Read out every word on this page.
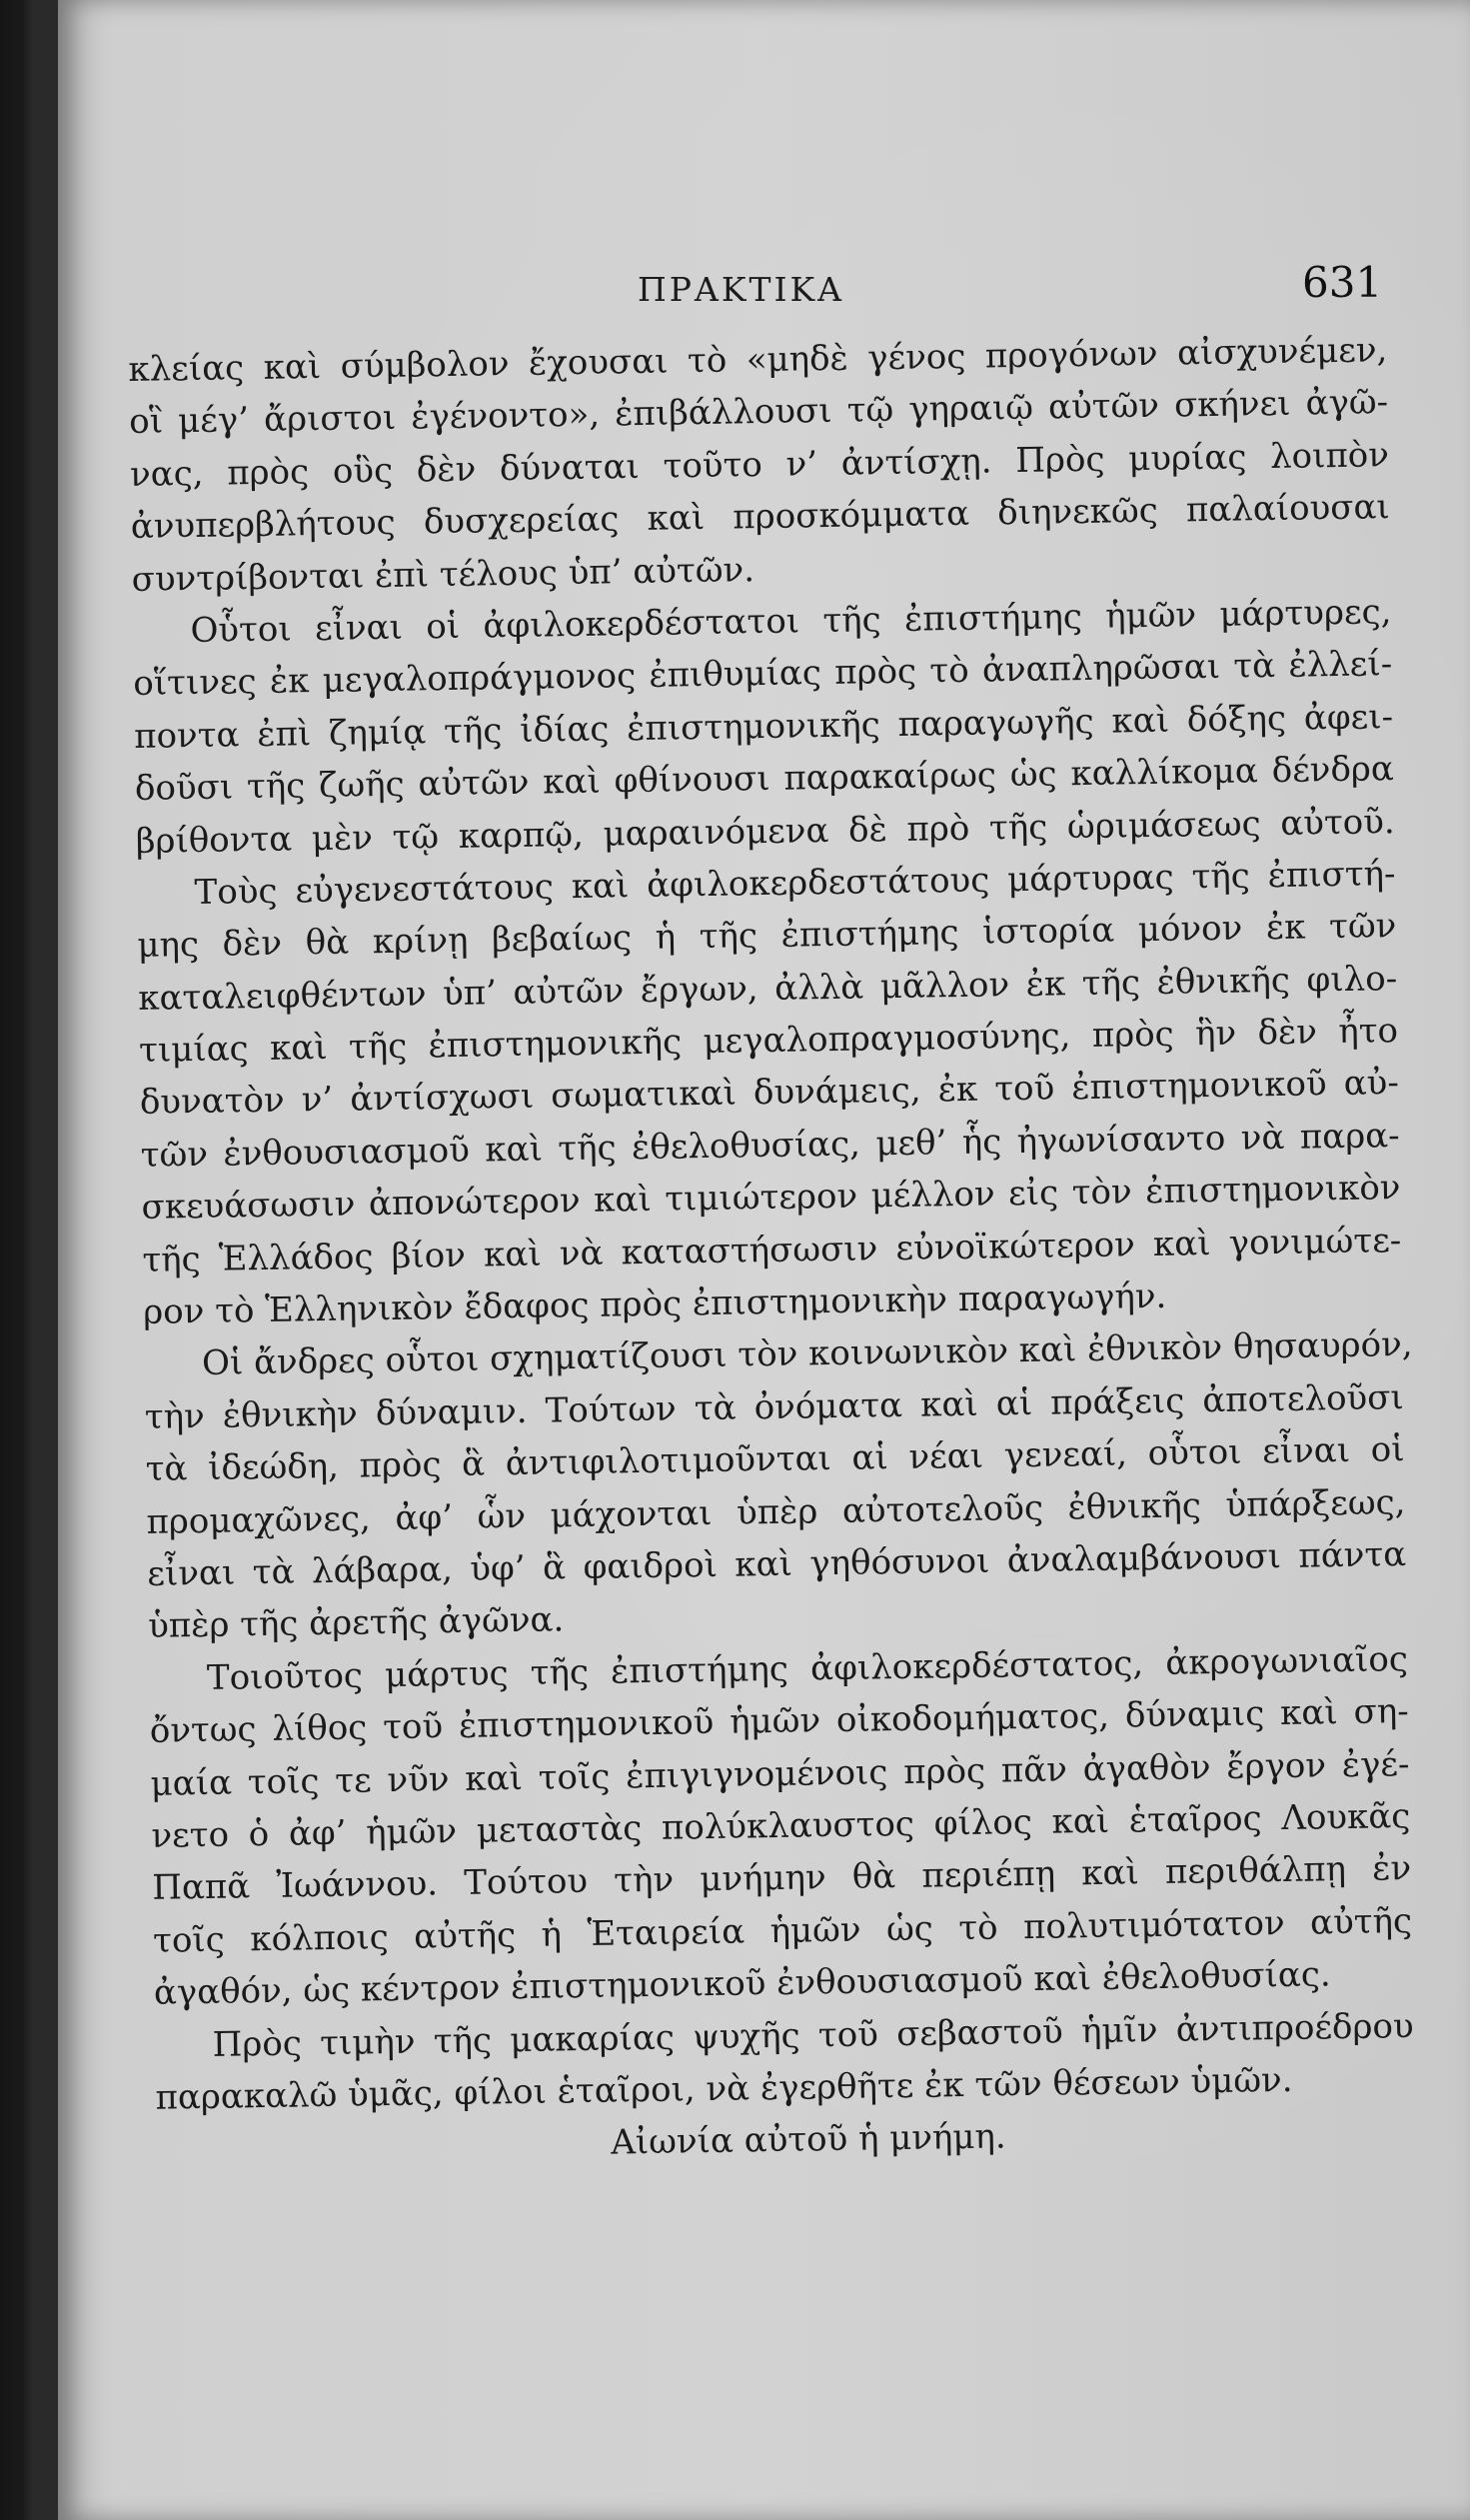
ΠΡΑΚΤΙΚΑ	631
κλείας καὶ σύμβολον ἔχουσαι τὸ «μηδὲ γένος προγόνων αἰσχυνέμεν,
οἳ μέγ’ ἄριστοι ἐγένοντο», ἐπιβάλλουσι τῷ γηραιῷ αὐτῶν σκήνει ἀγῶ-
νας, πρὸς οὓς δὲν δύναται τοῦτο ν’ ἀντίσχῃ. Πρὸς μυρίας λοιπὸν
ἀνυπερβλήτους δυσχερείας καὶ προσκόμματα διηνεκῶς παλαίουσαι
συντρίβονται ἐπὶ τέλους ὑπ’ αὐτῶν.
Οὗτοι εἶναι οἱ ἀφιλοκερδέστατοι τῆς ἐπιστήμης ἡμῶν μάρτυρες,
οἵτινες ἐκ μεγαλοπράγμονος ἐπιθυμίας πρὸς τὸ ἀναπληρῶσαι τὰ ἐλλεί-
ποντα ἐπὶ ζημίᾳ τῆς ἰδίας ἐπιστημονικῆς παραγωγῆς καὶ δόξης ἀφει-
δοῦσι τῆς ζωῆς αὐτῶν καὶ φθίνουσι παρακαίρως ὡς καλλίκομα δένδρα
βρίθοντα μὲν τῷ καρπῷ, μαραινόμενα δὲ πρὸ τῆς ὡριμάσεως αὐτοῦ.
Τοὺς εὐγενεστάτους καὶ ἀφιλοκερδεστάτους μάρτυρας τῆς ἐπιστή-
μης δὲν θὰ κρίνῃ βεβαίως ἡ τῆς ἐπιστήμης ἱστορία μόνον ἐκ τῶν
καταλειφθέντων ὑπ’ αὐτῶν ἔργων, ἀλλὰ μᾶλλον ἐκ τῆς ἐθνικῆς φιλο-
τιμίας καὶ τῆς ἐπιστημονικῆς μεγαλοπραγμοσύνης, πρὸς ἣν δὲν ἦτο
δυνατὸν ν’ ἀντίσχωσι σωματικαὶ δυνάμεις, ἐκ τοῦ ἐπιστημονικοῦ αὐ-
τῶν ἐνθουσιασμοῦ καὶ τῆς ἐθελοθυσίας, μεθ’ ἧς ἠγωνίσαντο νὰ παρα-
σκευάσωσιν ἀπονώτερον καὶ τιμιώτερον μέλλον εἰς τὸν ἐπιστημονικὸν
τῆς Ἑλλάδος βίον καὶ νὰ καταστήσωσιν εὐνοϊκώτερον καὶ γονιμώτε-
ρον τὸ Ἑλληνικὸν ἔδαφος πρὸς ἐπιστημονικὴν παραγωγήν.
Οἱ ἄνδρες οὗτοι σχηματίζουσι τὸν κοινωνικὸν καὶ ἐθνικὸν θησαυρόν,
τὴν ἐθνικὴν δύναμιν. Τούτων τὰ ὀνόματα καὶ αἱ πράξεις ἀποτελοῦσι
τὰ ἰδεώδη, πρὸς ἃ ἀντιφιλοτιμοῦνται αἱ νέαι γενεαί, οὗτοι εἶναι οἱ
προμαχῶνες, ἀφ’ ὧν μάχονται ὑπὲρ αὐτοτελοῦς ἐθνικῆς ὑπάρξεως,
εἶναι τὰ λάβαρα, ὑφ’ ἃ φαιδροὶ καὶ γηθόσυνοι ἀναλαμβάνουσι πάντα
ὑπὲρ τῆς ἀρετῆς ἀγῶνα.
Τοιοῦτος μάρτυς τῆς ἐπιστήμης ἀφιλοκερδέστατος, ἀκρογωνιαῖος
ὄντως λίθος τοῦ ἐπιστημονικοῦ ἡμῶν οἰκοδομήματος, δύναμις καὶ ση-
μαία τοῖς τε νῦν καὶ τοῖς ἐπιγιγνομένοις πρὸς πᾶν ἀγαθὸν ἔργον ἐγέ-
νετο ὁ ἀφ’ ἡμῶν μεταστὰς πολύκλαυστος φίλος καὶ ἑταῖρος Λουκᾶς
Παπᾶ Ἰωάννου. Τούτου τὴν μνήμην θὰ περιέπῃ καὶ περιθάλπῃ ἐν
τοῖς κόλποις αὐτῆς ἡ Ἑταιρεία ἡμῶν ὡς τὸ πολυτιμότατον αὐτῆς
ἀγαθόν, ὡς κέντρον ἐπιστημονικοῦ ἐνθουσιασμοῦ καὶ ἐθελοθυσίας.
Πρὸς τιμὴν τῆς μακαρίας ψυχῆς τοῦ σεβαστοῦ ἡμῖν ἀντιπροέδρου
παρακαλῶ ὑμᾶς, φίλοι ἑταῖροι, νὰ ἐγερθῆτε ἐκ τῶν θέσεων ὑμῶν.
Αἰωνία αὐτοῦ ἡ μνήμη.
